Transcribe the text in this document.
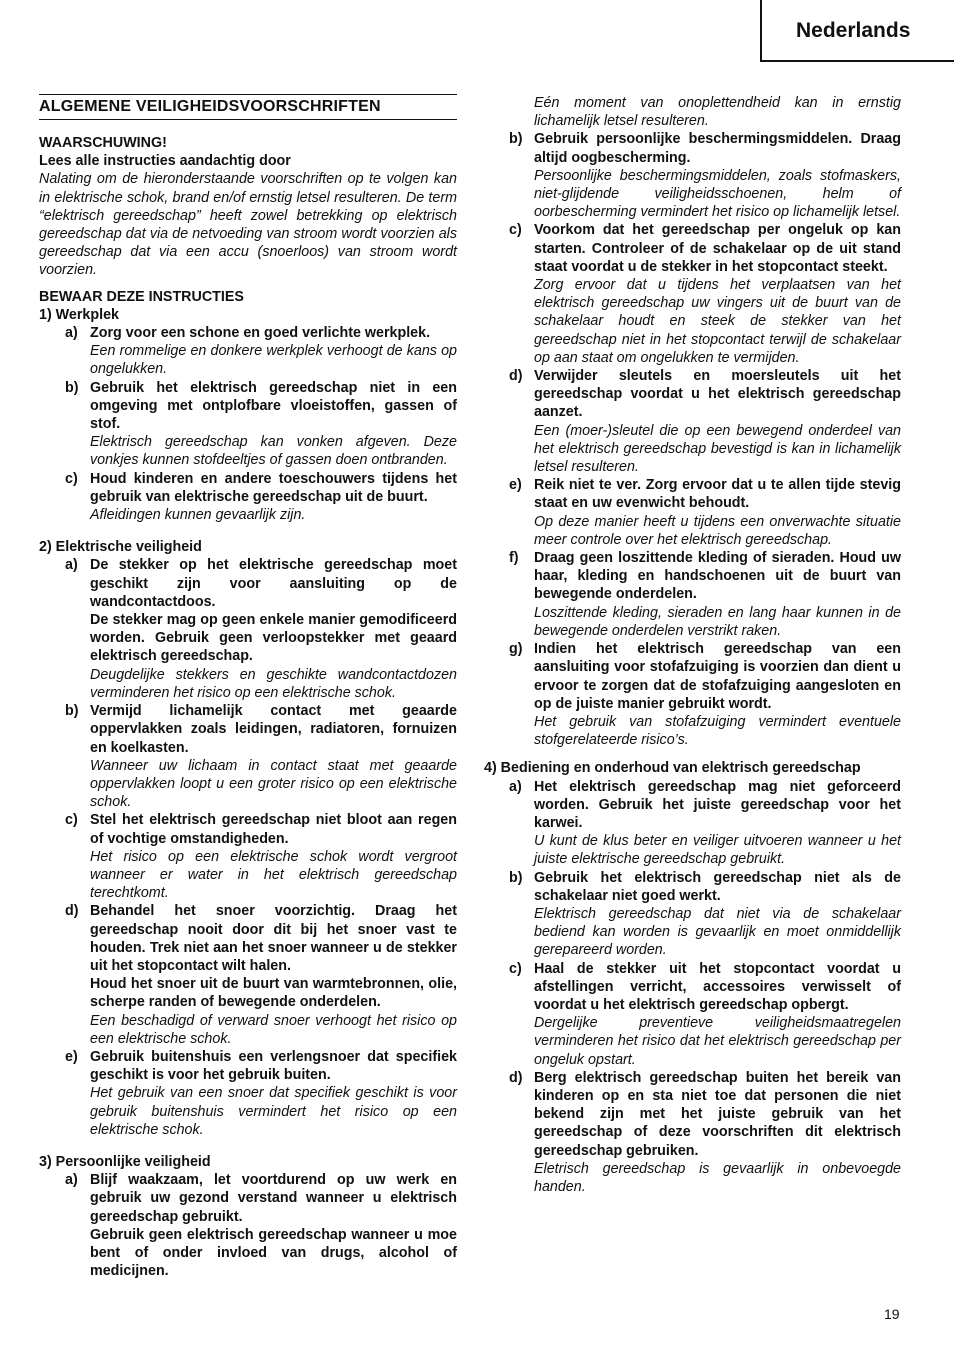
Nederlands
ALGEMENE VEILIGHEIDSVOORSCHRIFTEN
WAARSCHUWING!
Lees alle instructies aandachtig door
Nalating om de hieronderstaande voorschriften op te volgen kan in elektrische schok, brand en/of ernstig letsel resulteren. De term “elektrisch gereedschap” heeft zowel betrekking op elektrisch gereedschap dat via de netvoeding van stroom wordt voorzien als gereedschap dat via een accu (snoerloos) van stroom wordt voorzien.
BEWAAR DEZE INSTRUCTIES
1) Werkplek
a) Zorg voor een schone en goed verlichte werkplek.
Een rommelige en donkere werkplek verhoogt de kans op ongelukken.
b) Gebruik het elektrisch gereedschap niet in een omgeving met ontplofbare vloeistoffen, gassen of stof.
Elektrisch gereedschap kan vonken afgeven. Deze vonkjes kunnen stofdeeltjes of gassen doen ontbranden.
c) Houd kinderen en andere toeschouwers tijdens het gebruik van elektrische gereedschap uit de buurt.
Afleidingen kunnen gevaarlijk zijn.
2) Elektrische veiligheid
a) De stekker op het elektrische gereedschap moet geschikt zijn voor aansluiting op de wandcontactdoos.
De stekker mag op geen enkele manier gemodificeerd worden. Gebruik geen verloopstekker met geaard elektrisch gereedschap.
Deugdelijke stekkers en geschikte wandcontactdozen verminderen het risico op een elektrische schok.
b) Vermijd lichamelijk contact met geaarde oppervlakken zoals leidingen, radiatoren, fornuizen en koelkasten.
Wanneer uw lichaam in contact staat met geaarde oppervlakken loopt u een groter risico op een elektrische schok.
c) Stel het elektrisch gereedschap niet bloot aan regen of vochtige omstandigheden.
Het risico op een elektrische schok wordt vergroot wanneer er water in het elektrisch gereedschap terechtkomt.
d) Behandel het snoer voorzichtig. Draag het gereedschap nooit door dit bij het snoer vast te houden. Trek niet aan het snoer wanneer u de stekker uit het stopcontact wilt halen.
Houd het snoer uit de buurt van warmtebronnen, olie, scherpe randen of bewegende onderdelen.
Een beschadigd of verward snoer verhoogt het risico op een elektrische schok.
e) Gebruik buitenshuis een verlengsnoer dat specifiek geschikt is voor het gebruik buiten.
Het gebruik van een snoer dat specifiek geschikt is voor gebruik buitenshuis vermindert het risico op een elektrische schok.
3) Persoonlijke veiligheid
a) Blijf waakzaam, let voortdurend op uw werk en gebruik uw gezond verstand wanneer u elektrisch gereedschap gebruikt.
Gebruik geen elektrisch gereedschap wanneer u moe bent of onder invloed van drugs, alcohol of medicijnen.
Eén moment van onoplettendheid kan in ernstig lichamelijk letsel resulteren.
b) Gebruik persoonlijke beschermingsmiddelen. Draag altijd oogbescherming.
Persoonlijke beschermingsmiddelen, zoals stofmaskers, niet-glijdende veiligheidsschoenen, helm of oorbescherming vermindert het risico op lichamelijk letsel.
c) Voorkom dat het gereedschap per ongeluk op kan starten. Controleer of de schakelaar op de uit stand staat voordat u de stekker in het stopcontact steekt.
Zorg ervoor dat u tijdens het verplaatsen van het elektrisch gereedschap uw vingers uit de buurt van de schakelaar houdt en steek de stekker van het gereedschap niet in het stopcontact terwijl de schakelaar op aan staat om ongelukken te vermijden.
d) Verwijder sleutels en moersleutels uit het gereedschap voordat u het elektrisch gereedschap aanzet.
Een (moer-)sleutel die op een bewegend onderdeel van het elektrisch gereedschap bevestigd is kan in lichamelijk letsel resulteren.
e) Reik niet te ver. Zorg ervoor dat u te allen tijde stevig staat en uw evenwicht behoudt.
Op deze manier heeft u tijdens een onverwachte situatie meer controle over het elektrisch gereedschap.
f) Draag geen loszittende kleding of sieraden. Houd uw haar, kleding en handschoenen uit de buurt van bewegende onderdelen.
Loszittende kleding, sieraden en lang haar kunnen in de bewegende onderdelen verstrikt raken.
g) Indien het elektrisch gereedschap van een aansluiting voor stofafzuiging is voorzien dan dient u ervoor te zorgen dat de stofafzuiging aangesloten en op de juiste manier gebruikt wordt.
Het gebruik van stofafzuiging vermindert eventuele stofgerelateerde risico’s.
4) Bediening en onderhoud van elektrisch gereedschap
a) Het elektrisch gereedschap mag niet geforceerd worden. Gebruik het juiste gereedschap voor het karwei.
U kunt de klus beter en veiliger uitvoeren wanneer u het juiste elektrische gereedschap gebruikt.
b) Gebruik het elektrisch gereedschap niet als de schakelaar niet goed werkt.
Elektrisch gereedschap dat niet via de schakelaar bediend kan worden is gevaarlijk en moet onmiddellijk gerepareerd worden.
c) Haal de stekker uit het stopcontact voordat u afstellingen verricht, accessoires verwisselt of voordat u het elektrisch gereedschap opbergt.
Dergelijke preventieve veiligheidsmaatregelen verminderen het risico dat het elektrisch gereedschap per ongeluk opstart.
d) Berg elektrisch gereedschap buiten het bereik van kinderen op en sta niet toe dat personen die niet bekend zijn met het juiste gebruik van het gereedschap of deze voorschriften dit elektrisch gereedschap gebruiken.
Eletrisch gereedschap is gevaarlijk in onbevoegde handen.
19
